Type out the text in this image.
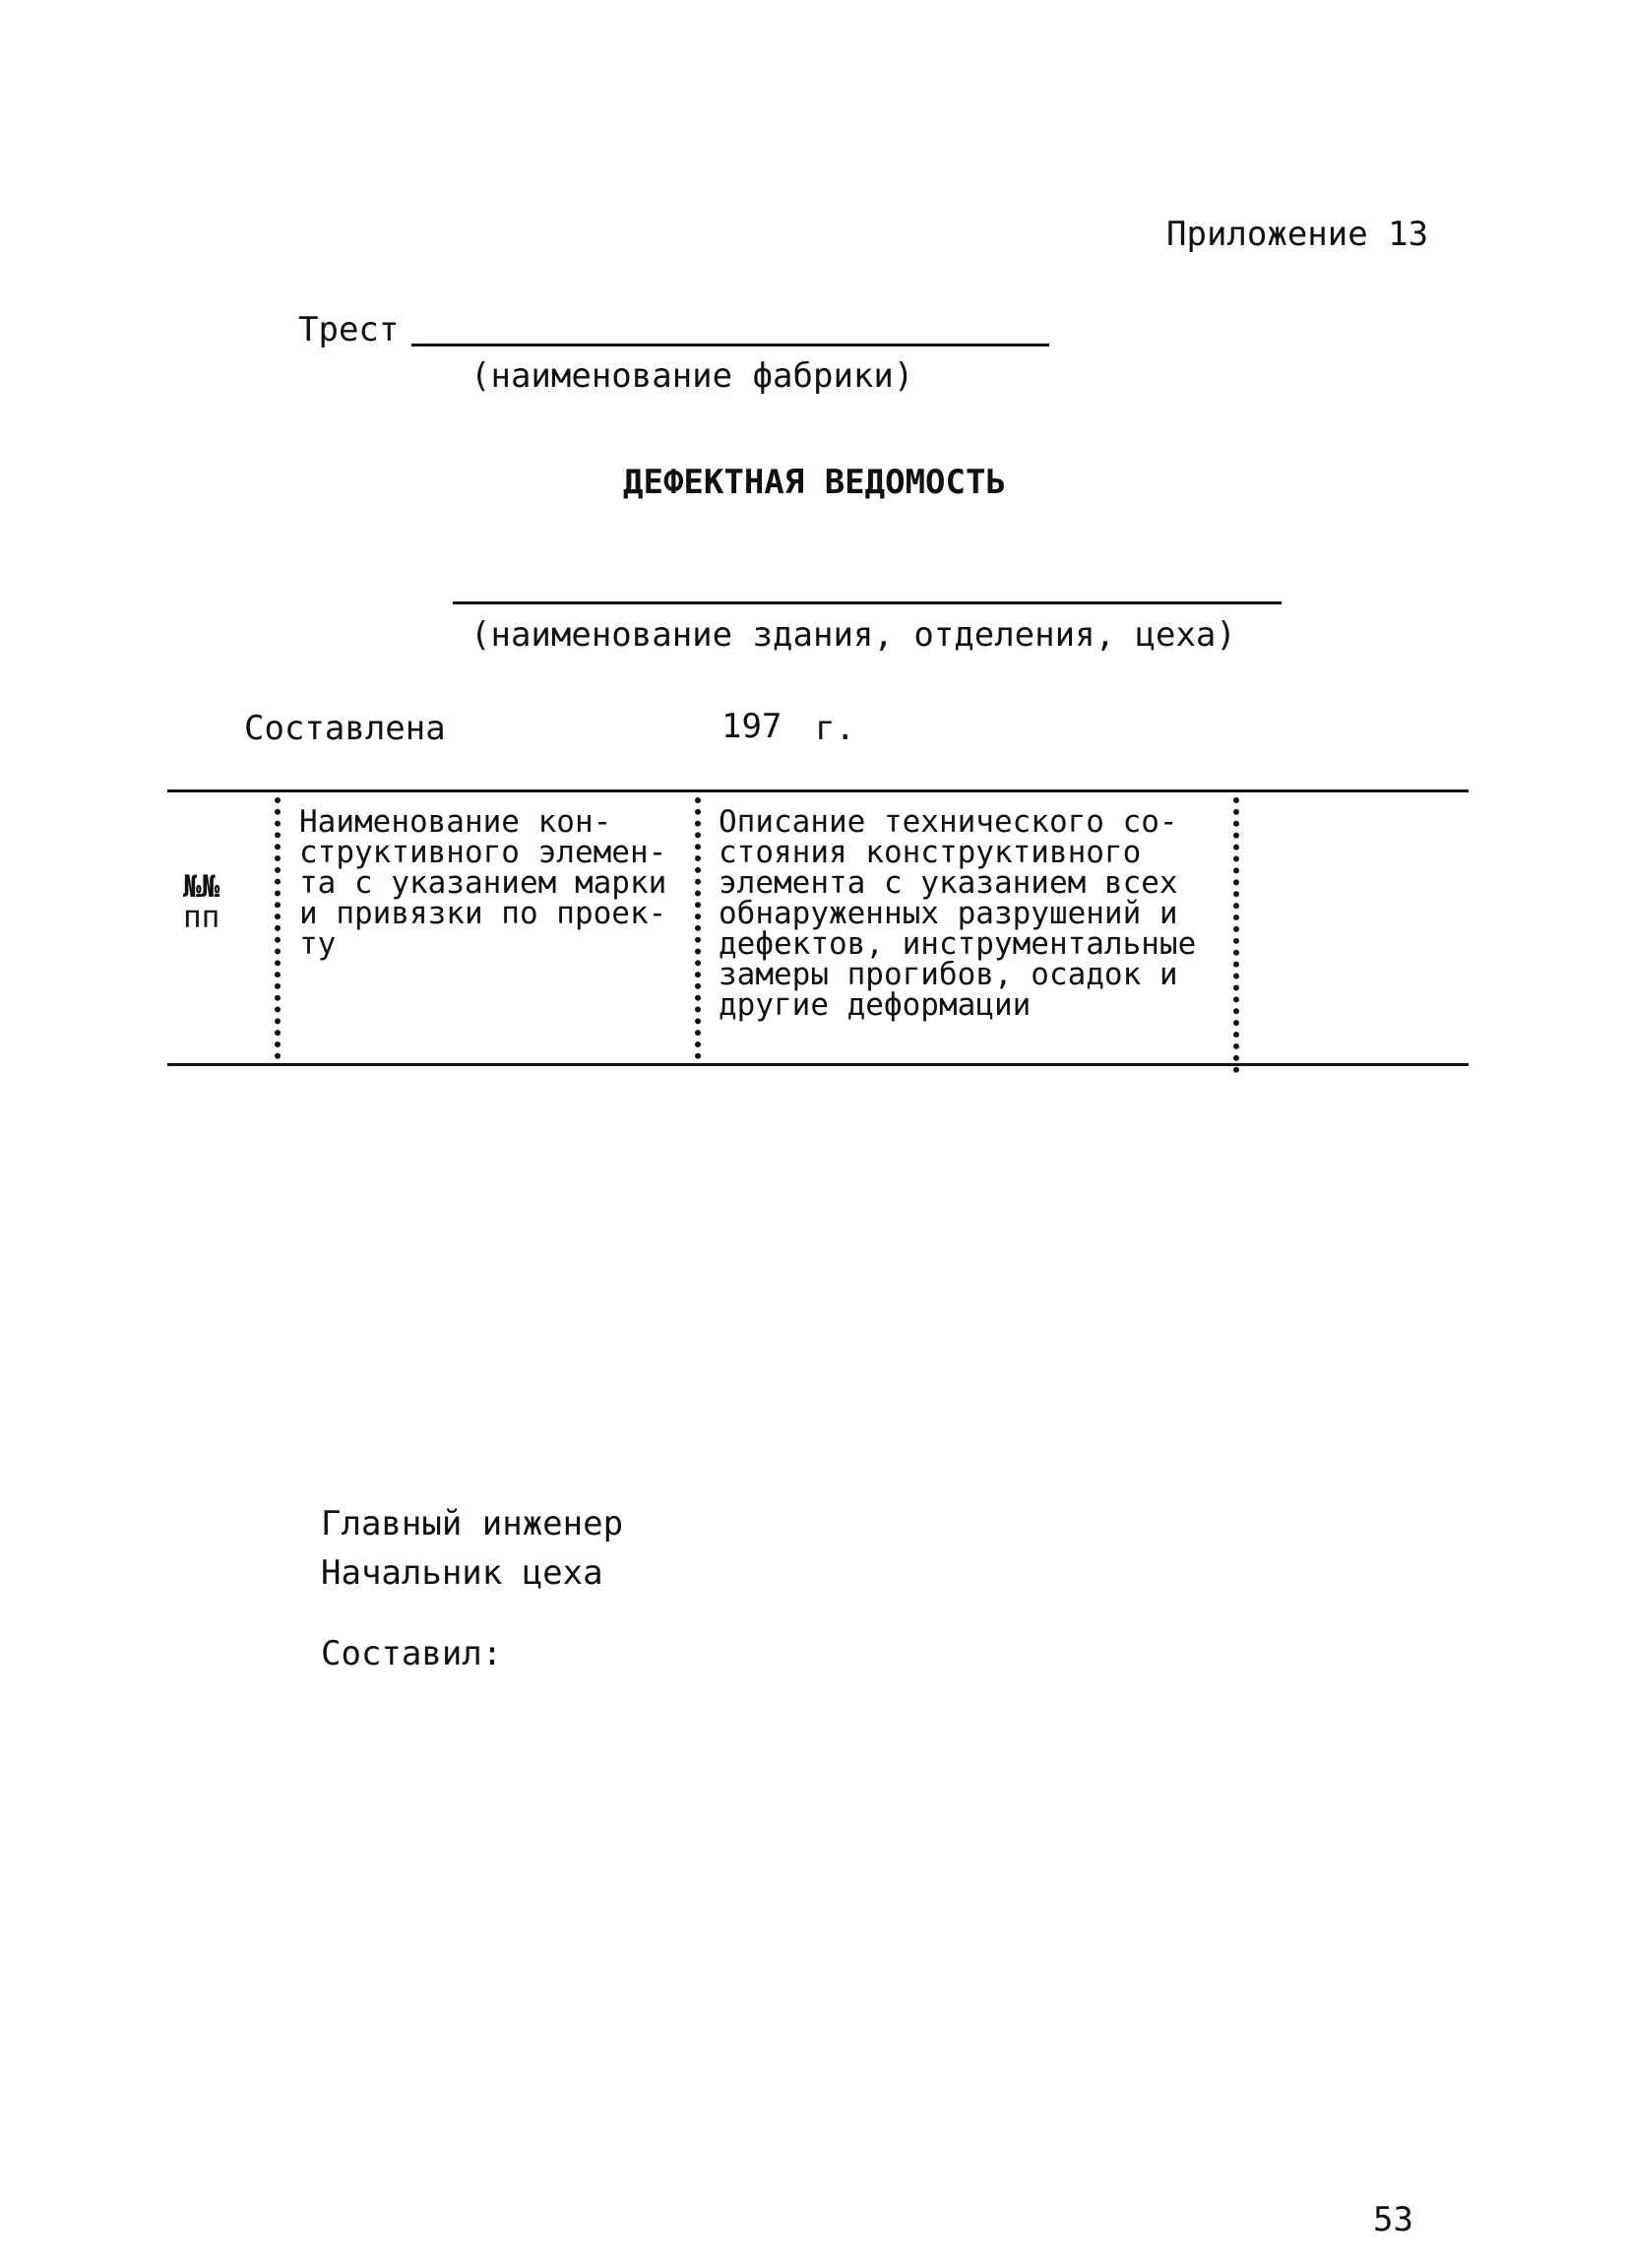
Приложение 13
Трест
(наименование фабрики)
ДЕФЕКТНАЯ ВЕДОМОСТЬ
(наименование здания, отделения, цеха)
Составлена	197 г.
№№
пп
Наименование кон-
структивного элемен-
та с указанием марки
и привязки по проек-
ту
Описание технического со-
стояния конструктивного
элемента с указанием всех
обнаруженных разрушений и
дефектов, инструментальные
замеры прогибов, осадок и
другие деформации
Главный инженер
Начальник цеха
Составил:
53
